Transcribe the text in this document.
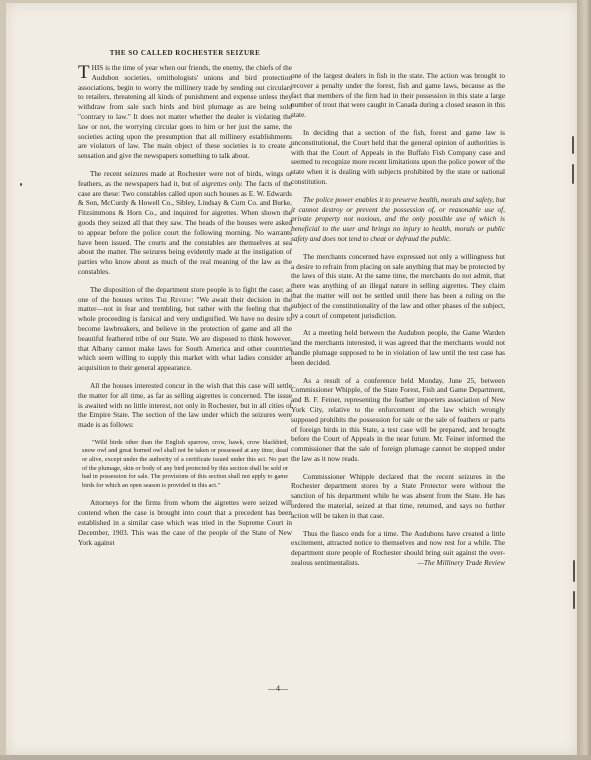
THE SO CALLED ROCHESTER SEIZURE

THIS is the time of year when our friends, the enemy, the chiefs of the Audubon societies, ornithologists' unions and bird protection associations, begin to worry the millinery trade by sending out circulars to retailers, threatening all kinds of punishment and expense unless they withdraw from sale such birds and bird plumage as are being sold "contrary to law." It does not matter whether the dealer is violating the law or not, the worrying circular goes to him or her just the same, the societies acting upon the presumption that all millinery establishments are violators of law. The main object of these societies is to create a sensation and give the newspapers something to talk about.

The recent seizures made at Rochester were not of birds, wings or feathers, as the newspapers had it, but of aigrettes only. The facts of the case are these: Two constables called upon such houses as E. W. Edwards & Son, McCurdy & Howell Co., Sibley, Lindsay & Curn Co. and Burke, Fitzsimmons & Horn Co., and inquired for aigrettes. When shown the goods they seized all that they saw. The heads of the houses were asked to appear before the police court the following morning. No warrants have been issued. The courts and the constables are themselves at sea about the matter. The seizures being evidently made at the instigation of parties who know about as much of the real meaning of the law as the constables.

The disposition of the department store people is to fight the case; as one of the houses writes The Review: "We await their decision in the matter—not in fear and trembling, but rather with the feeling that the whole proceeding is farsical and very undignified. We have no desire to become lawbreakers, and believe in the protection of game and all the beautiful feathered tribe of our State. We are disposed to think however, that Albany cannot make laws for South America and other countries which seem willing to supply this market with what ladies consider an acquisition to their general appearance.

All the houses interested concur in the wish that this case will settle the matter for all time, as far as selling aigrettes is concerned. The issue is awaited with no little interest, not only in Rochester, but in all cities of the Empire State. The section of the law under which the seizures were made is as follows:

"Wild birds other than the English sparrow, crow, hawk, crow blackbird, snow owl and great horned owl shall not be taken or possessed at any time, dead or alive, except under the authority of a certificate issued under this act. No part of the plumage, skin or body of any bird protected by this section shall be sold or had in possession for sale. The provisions of this section shall not apply to game birds for which an open season is provided in this act."

Attorneys for the firms from whom the aigrettes were seized will contend when the case is brought into court that a precedent has been established in a similar case which was tried in the Supreme Court in December, 1903. This was the case of the people of the State of New York against

one of the largest dealers in fish in the state. The action was brought to recover a penalty under the forest, fish and game laws, because as the fact that members of the firm had in their possession in this state a large number of trout that were caught in Canada during a closed season in this state.

In deciding that a section of the fish, forest and game law is unconstitutional, the Court held that the general opinion of authorities is with that the Court of Appeals in the Buffalo Fish Company case and seemed to recognize more recent limitations upon the police power of the state when it is dealing with subjects prohibited by the state or national constitution.

The police power enables it to preserve health, morals and safety, but it cannot destroy or prevent the possession of, or reasonable use of, private property not noxious, and the only possible use of which is beneficial to the user and brings no injury to health, morals or public safety and does not tend to cheat or defraud the public.

The merchants concerned have expressed not only a willingness but a desire to refrain from placing on sale anything that may be protected by the laws of this state. At the same time, the merchants do not admit, that there was anything of an illegal nature in selling aigrettes. They claim that the matter will not be settled until there has been a ruling on the subject of the constitutionality of the law and other phases of the subject, by a court of competent jurisdiction.

At a meeting held between the Audubon people, the Game Warden and the merchants interested, it was agreed that the merchants would not handle plumage supposed to be in violation of law until the test case has been decided.

As a result of a conference held Monday, June 25, between Commissioner Whipple, of the State Forest, Fish and Game Department, and B. F. Feiner, representing the feather importers association of New York City, relative to the enforcement of the law which wrongly supposed prohibits the possession for sale or the sale of feathers or parts of foreign birds in this State, a test case will be prepared, and brought before the Court of Appeals in the near future. Mr. Feiner informed the commissioner that the sale of foreign plumage cannot be stopped under the law as it now reads.

Commissioner Whipple declared that the recent seizures in the Rochester department stores by a State Protector were without the sanction of his department while he was absent from the State. He has ordered the material, seized at that time, returned, and says no further action will be taken in that case.

Thus the fiasco ends for a time. The Audubons have created a little excitement, attracted notice to themselves and now rest for a while. The department store people of Rochester should bring suit against the over-zealous sentimentalists.	—The Millinery Trade Review

—4—
